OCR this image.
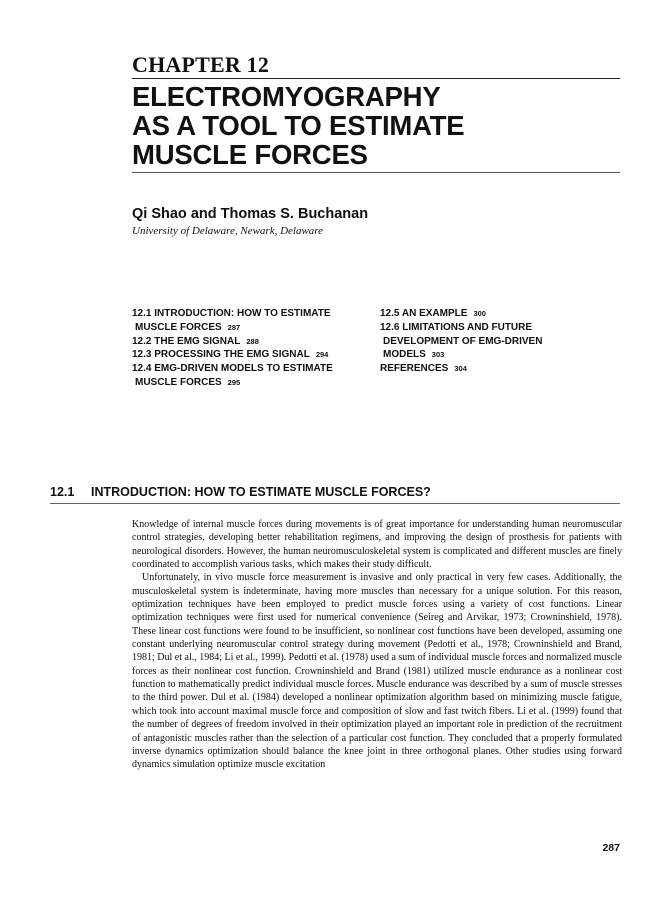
CHAPTER 12
ELECTROMYOGRAPHY
AS A TOOL TO ESTIMATE
MUSCLE FORCES
Qi Shao and Thomas S. Buchanan
University of Delaware, Newark, Delaware
12.1 INTRODUCTION: HOW TO ESTIMATE
MUSCLE FORCES 287
12.2 THE EMG SIGNAL 288
12.3 PROCESSING THE EMG SIGNAL 294
12.4 EMG-DRIVEN MODELS TO ESTIMATE
MUSCLE FORCES 295
12.5 AN EXAMPLE 300
12.6 LIMITATIONS AND FUTURE
DEVELOPMENT OF EMG-DRIVEN
MODELS 303
REFERENCES 304
12.1 INTRODUCTION: HOW TO ESTIMATE MUSCLE FORCES?

Knowledge of internal muscle forces during movements is of great importance for understanding human neuromuscular control strategies, developing better rehabilitation regimens, and improving the design of prosthesis for patients with neurological disorders. However, the human neuromusculoskeletal system is complicated and different muscles are finely coordinated to accomplish various tasks, which makes their study difficult.

Unfortunately, in vivo muscle force measurement is invasive and only practical in very few cases. Additionally, the musculoskeletal system is indeterminate, having more muscles than necessary for a unique solution. For this reason, optimization techniques have been employed to predict muscle forces using a variety of cost functions. Linear optimization techniques were first used for numerical convenience (Seireg and Arvikar, 1973; Crowninshield, 1978). These linear cost functions were found to be insufficient, so nonlinear cost functions have been developed, assuming one constant underlying neuromuscular control strategy during movement (Pedotti et al., 1978; Crowninshield and Brand, 1981; Dul et al., 1984; Li et al., 1999). Pedotti et al. (1978) used a sum of individual muscle forces and normalized muscle forces as their nonlinear cost function. Crowninshield and Brand (1981) utilized muscle endurance as a nonlinear cost function to mathematically predict individual muscle forces. Muscle endurance was described by a sum of muscle stresses to the third power. Dul et al. (1984) developed a nonlinear optimization algorithm based on minimizing muscle fatigue, which took into account maximal muscle force and composition of slow and fast twitch fibers. Li et al. (1999) found that the number of degrees of freedom involved in their optimization played an important role in prediction of the recruitment of antagonistic muscles rather than the selection of a particular cost function. They concluded that a properly formulated inverse dynamics optimization should balance the knee joint in three orthogonal planes. Other studies using forward dynamics simulation optimize muscle excitation

287
